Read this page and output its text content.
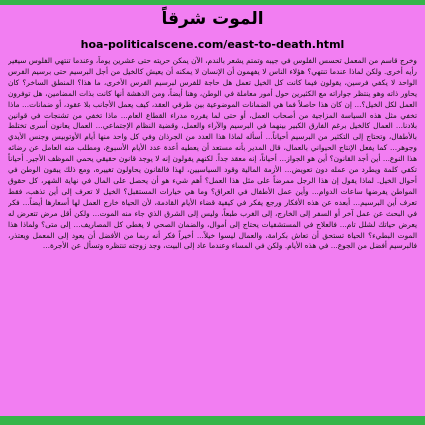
الموت شرقاً
hoa-politicalscene.com/east-to-death.html
وخرج قاسم من المعمل تحسس الفلوس في جيبه وتمتم يشعر بالندم، الآن يمكن حريته حتى عشرين يوماً، وعندما تنتهي الفلوس سيغير رأيه أخرى. ولكن لماذا عندما تنتهي؟ هؤلاء الناس لا يفهمون أن الإنسان لا يمكنه أن يعيش كالخيل من أجل البرسيم حتى برسيم الفرس الواحد لا يكفي فرسين، يقولون فيما كانت كل الخيل تعمل هل حاجة للفرس لبرسيم الفرس الأخرى، ما هذا؟ المنطق الساخر؟ كان يحاور ذاته وهو ينتظر جواراته مع الكثيرين حول أمور معاملة في الوطن، وهنا أيضاً، ومن الدهشة أنها كانت بذات المضامين، هل توفرون العمل لكل الخيل؟... إن كان هذا حاصلاً فما هي الضمانات الموضوعية بين طرفي العقد، كيف يعمل الأجانب بلا عقود، أو ضمانات... ماذا تخفي مثل هذه السياسة المزاجية من أصحاب العمل، أو حتى لما يقرره مدراء القطاع العام... ماذا تخفي من تشنجات في قوانين بلادنا... العمال كالخيل برغم الفارق الكبير بينهما في البرسيم والآراء والعمل، وقضية النظام الإجتماعي... العمال يعانون أسرى تختلط بالأطفال، وتحتاج إلى التكثير من البرسيم أحياناً... أسأله لماذا هذا العدد من الجرذان وفي كل واحد منها أيام الأوتوبيس وجنس الأيدي وجوهر... كما يفعل الإنتاج الحيواني بالعمال، قال المدير بأنه مستعد أن يعطيه أعدة عدد الأيام الأسبوع، ومطلب منه العامل عن رضائه هذا النوع... أين أجد القانون؟ أين هو الجواز... أحياناً، إنه معقد جداً. لكنهم يقولون إنه لا يوجد قانون حقيقي يحمي الموظف الأجير. أحياناً تكفي كلمة ويطرد من عمله دون تعويض... الأزمة المالية وقود السياسيين، لهذا فالقانون يحاولون تغييره، ومع ذلك يبقون الوطن في أحوال الخيل. لماذا يقول إن هذا الرجل ممرضاً على مثل هذا العمل؟ أهم شيء هو أن يحصل على المال في نهاية الشهر، كل حقوق المواطن يفرضها ساعات الدوام... وأين عمل الأطفال في العراق؟ وما هي خيارات المستقبل؟ الخيل لا تعرف إلى أين تذهب، فقط تعرف أين البرسيم... أبعده عن هذه الأفكار ورجع يفكر في كيفية قضاء الأيام القادمة، لأن الحياة خارج العمل لها أسعارها أيضاً... فكر في البحث عن عمل آخر أو السفر إلى الخارج، إلى الغرب طبعاً، وليس إلى الشرق الذي جاء منه الموت... ولكن أقل مرض تتعرض له يعرض حياتك لشلل تام... فالعلاج في المستشفيات يحتاج إلى أموال، والضمان الصحي لا يغطي كل المصاريف... إلى متى؟ ولماذا هذا الموت البطيء؟ الحياة تستحق أن تعاش بكرامة، والعمال ليسوا خيلاً... أخيراً فكر أنه ربما من الأفضل أن يعود إلى المعمل ويعتذر، فالبرسيم أفضل من الجوع... في هذه الأيام. ولكن في المساء وعندما عاد إلى البيت، وجد زوجته تنتظره وتسأل عن الأجرة...
